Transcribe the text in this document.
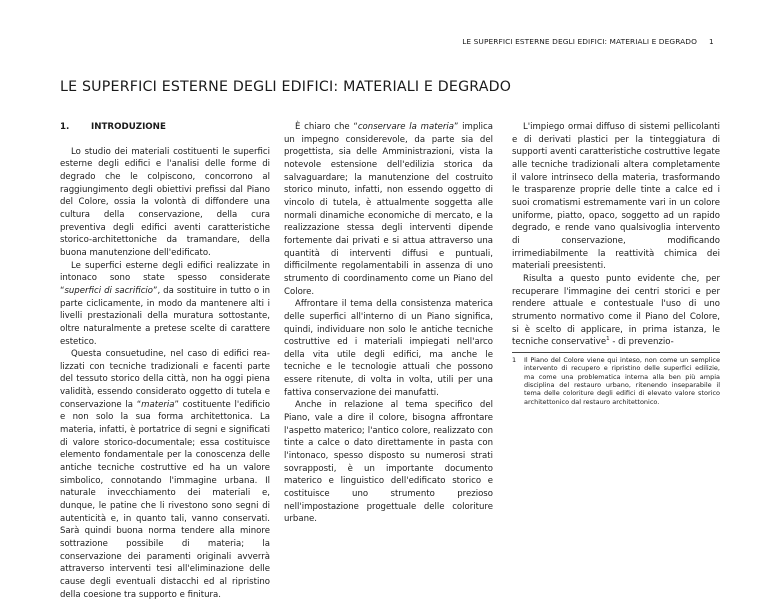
LE SUPERFICI ESTERNE DEGLI EDIFICI: MATERIALI E DEGRADO 1
LE SUPERFICI ESTERNE DEGLI EDIFICI: MATERIALI E DEGRADO
1.	INTRODUZIONE

Lo studio dei materiali costituenti le superfici esterne degli edifici e l'analisi delle forme di degrado che le colpiscono, concorrono al raggiungimento degli obiettivi prefissi dal Piano del Colore, ossia la volontà di diffondere una cultura della conservazione, della cura preventiva degli edifici aventi caratteristiche storico-architettoniche da tramandare, della buona manutenzione dell'edificato.

Le superfici esterne degli edifici realizzate in intonaco sono state spesso considerate “superfici di sacrificio”, da sostituire in tutto o in parte ciclicamente, in modo da mantenere alti i livelli prestazionali della muratura sottostante, oltre naturalmente a pretese scelte di carattere estetico.

Questa consuetudine, nel caso di edifici rea-lizzati con tecniche tradizionali e facenti parte del tessuto storico della città, non ha oggi piena validità, essendo considerato oggetto di tutela e conservazione la “materia” costituente l'edificio e non solo la sua forma architettonica. La materia, infatti, è portatrice di segni e significati di valore storico-documentale; essa costituisce elemento fondamentale per la conoscenza delle antiche tecniche costruttive ed ha un valore simbolico, connotando l'immagine urbana. Il naturale invecchiamento dei materiali e, dunque, le patine che li rivestono sono segni di autenticità e, in quanto tali, vanno conservati. Sarà quindi buona norma tendere alla minore sottrazione possibile di materia; la conservazione dei paramenti originali avverrà attraverso interventi tesi all'eliminazione delle cause degli eventuali distacchi ed al ripristino della coesione tra supporto e finitura.

È chiaro che “conservare la materia” implica un impegno considerevole, da parte sia del progettista, sia delle Amministrazioni, vista la notevole estensione dell'edilizia storica da salvaguardare; la manutenzione del costruito storico minuto, infatti, non essendo oggetto di vincolo di tutela, è attualmente soggetta alle normali dinamiche economiche di mercato, e la realizzazione stessa degli interventi dipende fortemente dai privati e si attua attraverso una quantità di interventi diffusi e puntuali, difficilmente regolamentabili in assenza di uno strumento di coordinamento come un Piano del Colore.

Affrontare il tema della consistenza materica delle superfici all'interno di un Piano significa, quindi, individuare non solo le antiche tecniche costruttive ed i materiali impiegati nell'arco della vita utile degli edifici, ma anche le tecniche e le tecnologie attuali che possono essere ritenute, di volta in volta, utili per una fattiva conservazione dei manufatti.

Anche in relazione al tema specifico del Piano, vale a dire il colore, bisogna affrontare l'aspetto materico; l'antico colore, realizzato con tinte a calce o dato direttamente in pasta con l'intonaco, spesso disposto su numerosi strati sovrapposti, è un importante documento materico e linguistico dell'edificato storico e costituisce uno strumento prezioso nell'impostazione progettuale delle coloriture urbane.

L'impiego ormai diffuso di sistemi pellicolanti e di derivati plastici per la tinteggiatura di supporti aventi caratteristiche costruttive legate alle tecniche tradizionali altera completamente il valore intrinseco della materia, trasformando le trasparenze proprie delle tinte a calce ed i suoi cromatismi estremamente vari in un colore uniforme, piatto, opaco, soggetto ad un rapido degrado, e rende vano qualsivoglia intervento di conservazione, modificando irrimediabilmente la reattività chimica dei materiali preesistenti.

Risulta a questo punto evidente che, per recuperare l'immagine dei centri storici e per rendere attuale e contestuale l'uso di uno strumento normativo come il Piano del Colore, si è scelto di applicare, in prima istanza, le tecniche conservative$^1$ - di prevenzio-

1 Il Piano del Colore viene qui inteso, non come un semplice intervento di recupero e ripristino delle superfici edilizie, ma come una problematica interna alla ben più ampia disciplina del restauro urbano, ritenendo inseparabile il tema delle coloriture degli edifici di elevato valore storico architettonico dal restauro architettonico.
